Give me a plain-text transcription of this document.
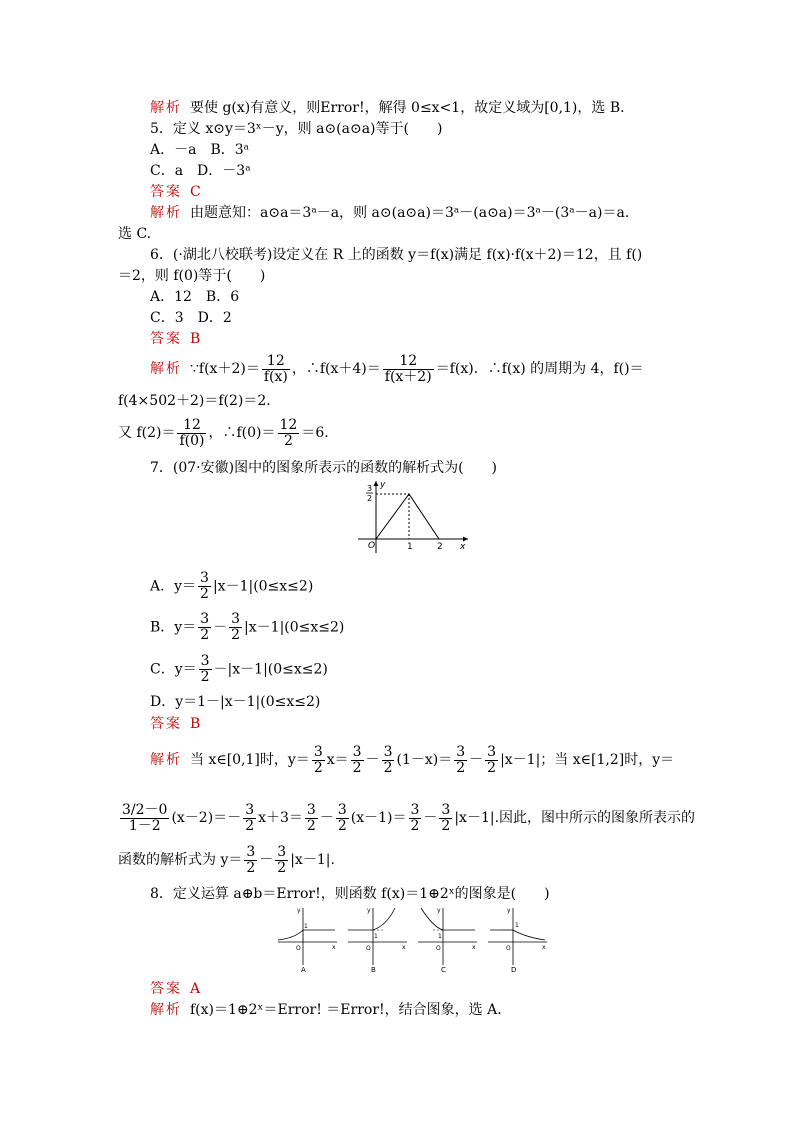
解析 要使 g(x)有意义，则Error!，解得 0≤x<1，故定义域为[0,1)，选 B.
5．定义 x⊙y＝3ˣ－y，则 a⊙(a⊙a)等于(　　)
A．－a　B．3ᵃ
C．a　D．－3ᵃ
答案 C
解析 由题意知：a⊙a＝3ᵃ－a，则 a⊙(a⊙a)＝3ᵃ－(a⊙a)＝3ᵃ－(3ᵃ－a)＝a.
选 C.
6．(·湖北八校联考)设定义在 R 上的函数 y＝f(x)满足 f(x)·f(x＋2)＝12，且 f()
＝2，则 f(0)等于(　　)
A．12　B．6
C．3　D．2
答案 B
解析 ∵f(x＋2)＝ $\frac{12}{f(x)}$ ，∴f(x＋4)＝ $\frac{12}{f(x+2)} =f(x)$．∴f(x) 的周期为 4，f()＝
f(4×502＋2)＝f(2)＝2.
又 $f(2)= \frac{12}{f(0)}$ ，∴f(0)＝ $\frac{12}{2} =6$.
7．(07·安徽)图中的图象所表示的函数的解析式为(　　)
y
x
O
3
2
1	2
A．$y= \frac{3}{2} |x-1|(0\le x\le 2)$
B．$y= \frac{3}{2} - \frac{3}{2} |x-1|(0\le x\le 2)$
C．$y= \frac{3}{2} -|x-1|(0\le x\le 2)$
D．y＝1－|x－1|(0≤x≤2)
答案 B
解析 当 x∈[0,1]时，$y= \frac{3}{2} x= \frac{3}{2} - \frac{3}{2} (1-x)= \frac{3}{2} - \frac{3}{2} |x-1|$；当 x∈[1,2]时，y＝
$\frac{3/2-0}{1-2} (x-2)=- \frac{3}{2} x+3= \frac{3}{2} - \frac{3}{2} (x-1)= \frac{3}{2} - \frac{3}{2} |x-1|$.因此，图中所示的图象所表示的
函数的解析式为 $y= \frac{3}{2} - \frac{3}{2} |x-1|$.
8．定义运算 a⊕b＝Error!，则函数 f(x)＝1⊕2ˣ的图象是(　　)
y
x
O
1
y
x
O
1
y
x
O
1
y
x
O
1
A	B	C	D
答案 A
解析 f(x)＝1⊕2ˣ＝Error! ＝Error!，结合图象，选 A.
